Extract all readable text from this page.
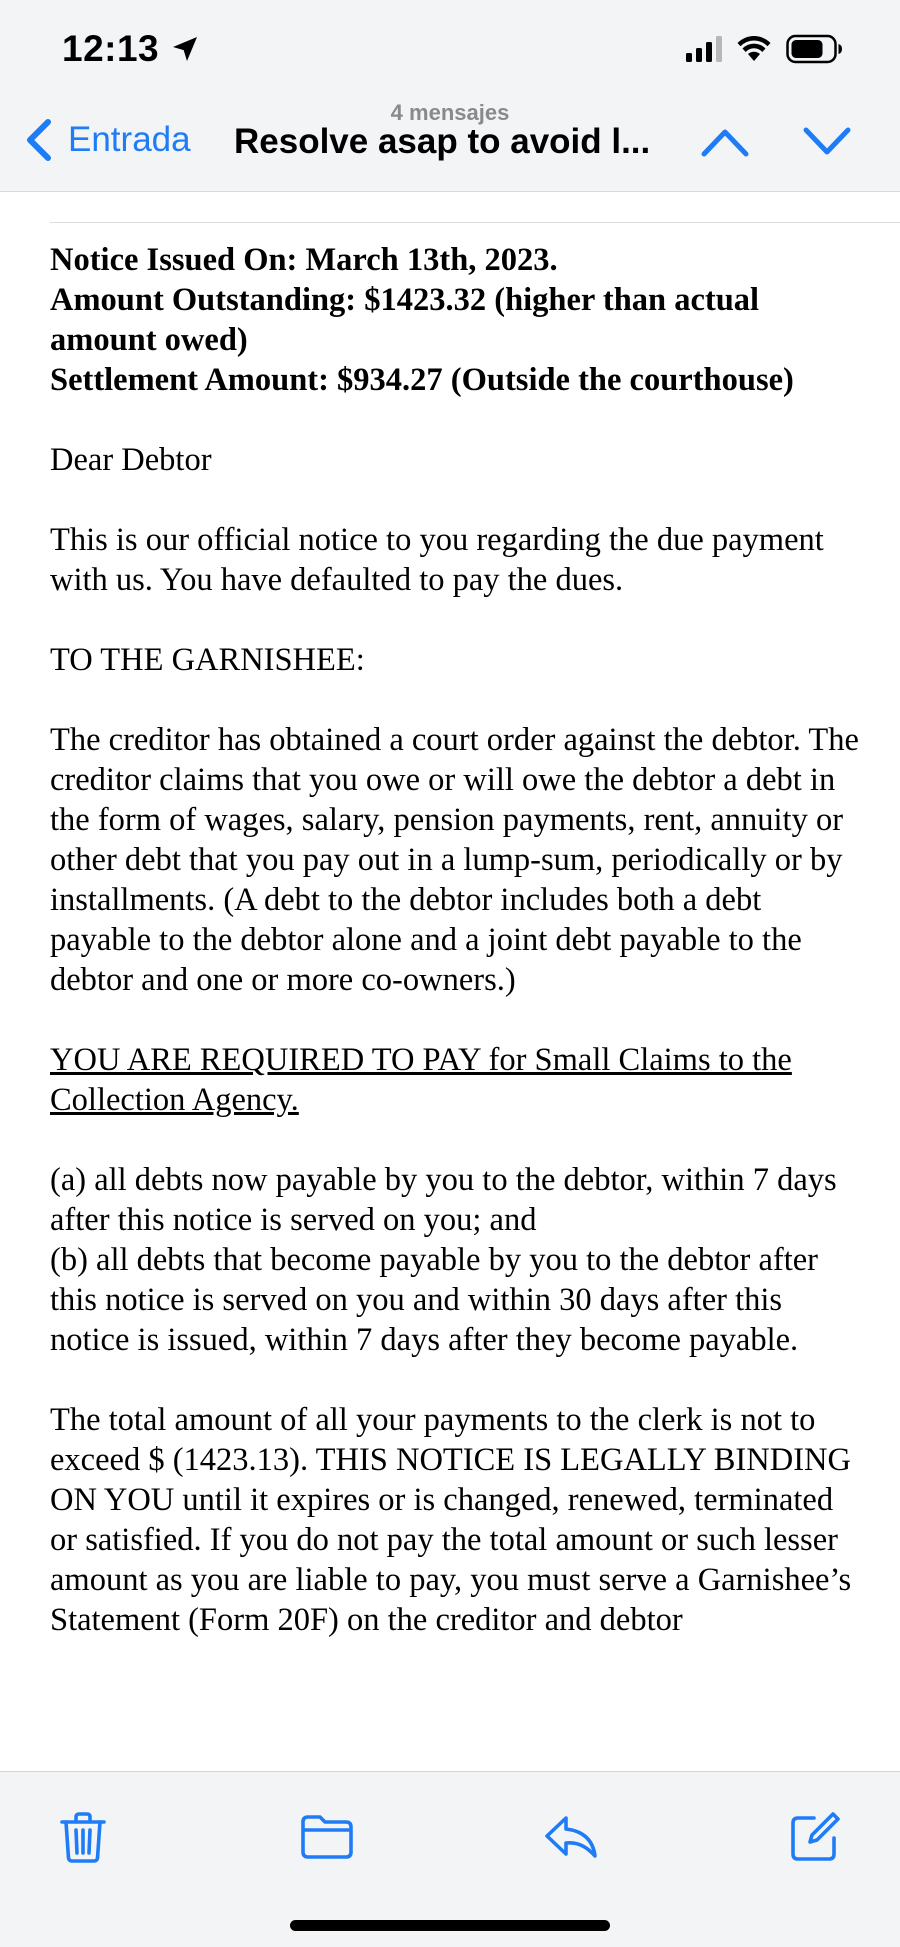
12:13
4 mensajes
Entrada Resolve asap to avoid l...

Notice Issued On: March 13th, 2023.
Amount Outstanding: $1423.32 (higher than actual amount owed)
Settlement Amount: $934.27 (Outside the courthouse)

Dear Debtor

This is our official notice to you regarding the due payment with us. You have defaulted to pay the dues.

TO THE GARNISHEE:

The creditor has obtained a court order against the debtor. The creditor claims that you owe or will owe the debtor a debt in the form of wages, salary, pension payments, rent, annuity or other debt that you pay out in a lump-sum, periodically or by installments. (A debt to the debtor includes both a debt payable to the debtor alone and a joint debt payable to the debtor and one or more co-owners.)

YOU ARE REQUIRED TO PAY for Small Claims to the Collection Agency.

(a) all debts now payable by you to the debtor, within 7 days after this notice is served on you; and
(b) all debts that become payable by you to the debtor after this notice is served on you and within 30 days after this notice is issued, within 7 days after they become payable.

The total amount of all your payments to the clerk is not to exceed $ (1423.13). THIS NOTICE IS LEGALLY BINDING ON YOU until it expires or is changed, renewed, terminated or satisfied. If you do not pay the total amount or such lesser amount as you are liable to pay, you must serve a Garnishee’s Statement (Form 20F) on the creditor and debtor
